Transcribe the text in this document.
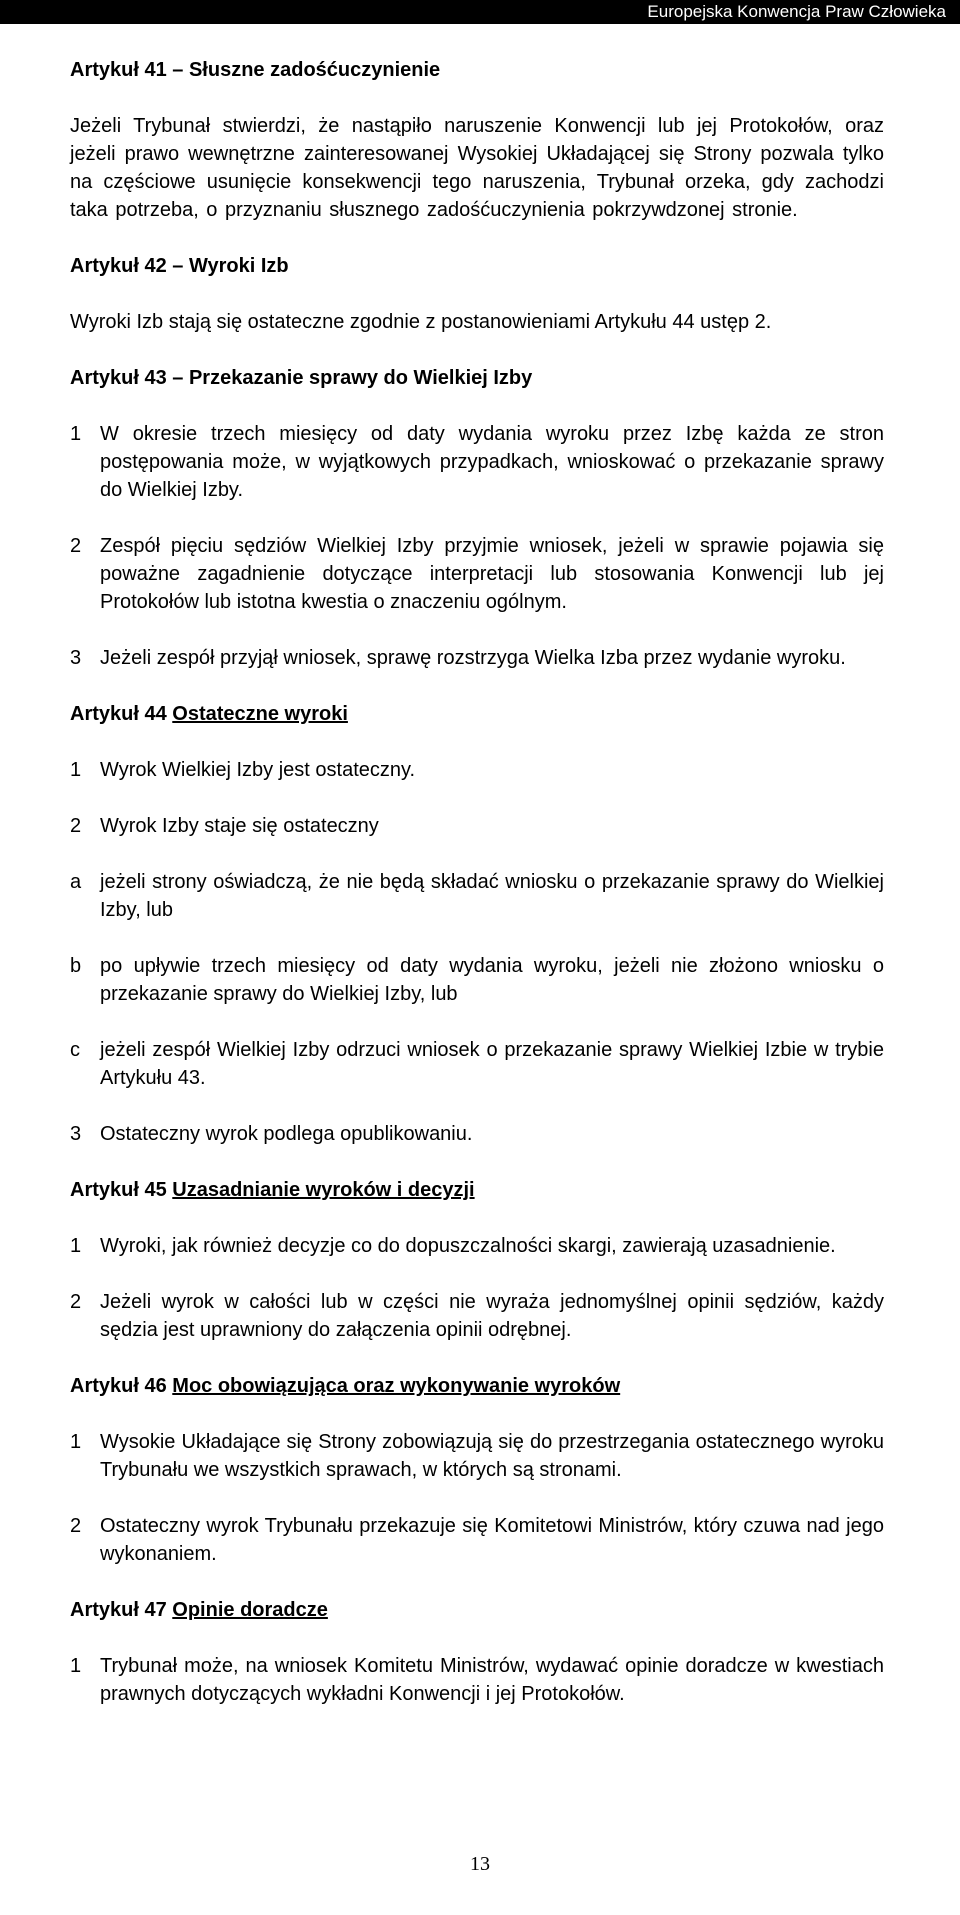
Europejska Konwencja Praw Człowieka
Artykuł 41 – Słuszne zadośćuczynienie

Jeżeli Trybunał stwierdzi, że nastąpiło naruszenie Konwencji lub jej Protokołów, oraz jeżeli prawo wewnętrzne zainteresowanej Wysokiej Układającej się Strony pozwala tylko na częściowe usunięcie konsekwencji tego naruszenia, Trybunał orzeka, gdy zachodzi taka potrzeba, o przyznaniu słusznego zadośćuczynienia pokrzywdzonej stronie.

Artykuł 42 – Wyroki Izb

Wyroki Izb stają się ostateczne zgodnie z postanowieniami Artykułu 44 ustęp 2.

Artykuł 43 – Przekazanie sprawy do Wielkiej Izby
1 W okresie trzech miesięcy od daty wydania wyroku przez Izbę każda ze stron postępowania może, w wyjątkowych przypadkach, wnioskować o przekazanie sprawy do Wielkiej Izby.
2 Zespół pięciu sędziów Wielkiej Izby przyjmie wniosek, jeżeli w sprawie pojawia się poważne zagadnienie dotyczące interpretacji lub stosowania Konwencji lub jej Protokołów lub istotna kwestia o znaczeniu ogólnym.
3 Jeżeli zespół przyjął wniosek, sprawę rozstrzyga Wielka Izba przez wydanie wyroku.
Artykuł 44 Ostateczne wyroki
1 Wyrok Wielkiej Izby jest ostateczny.
2 Wyrok Izby staje się ostateczny
a jeżeli strony oświadczą, że nie będą składać wniosku o przekazanie sprawy do Wielkiej Izby, lub
b po upływie trzech miesięcy od daty wydania wyroku, jeżeli nie złożono wniosku o przekazanie sprawy do Wielkiej Izby, lub
c	jeżeli zespół Wielkiej Izby odrzuci wniosek o przekazanie sprawy Wielkiej Izbie w trybie Artykułu 43.
3 Ostateczny wyrok podlega opublikowaniu.
Artykuł 45 Uzasadnianie wyroków i decyzji
1 Wyroki, jak również decyzje co do dopuszczalności skargi, zawierają uzasadnienie.
2 Jeżeli wyrok w całości lub w części nie wyraża jednomyślnej opinii sędziów, każdy sędzia jest uprawniony do załączenia opinii odrębnej.
Artykuł 46 Moc obowiązująca oraz wykonywanie wyroków
1 Wysokie Układające się Strony zobowiązują się do przestrzegania ostatecznego wyroku Trybunału we wszystkich sprawach, w których są stronami.
2 Ostateczny wyrok Trybunału przekazuje się Komitetowi Ministrów, który czuwa nad jego wykonaniem.
Artykuł 47 Opinie doradcze
1 Trybunał może, na wniosek Komitetu Ministrów, wydawać opinie doradcze w kwestiach prawnych dotyczących wykładni Konwencji i jej Protokołów.
13
